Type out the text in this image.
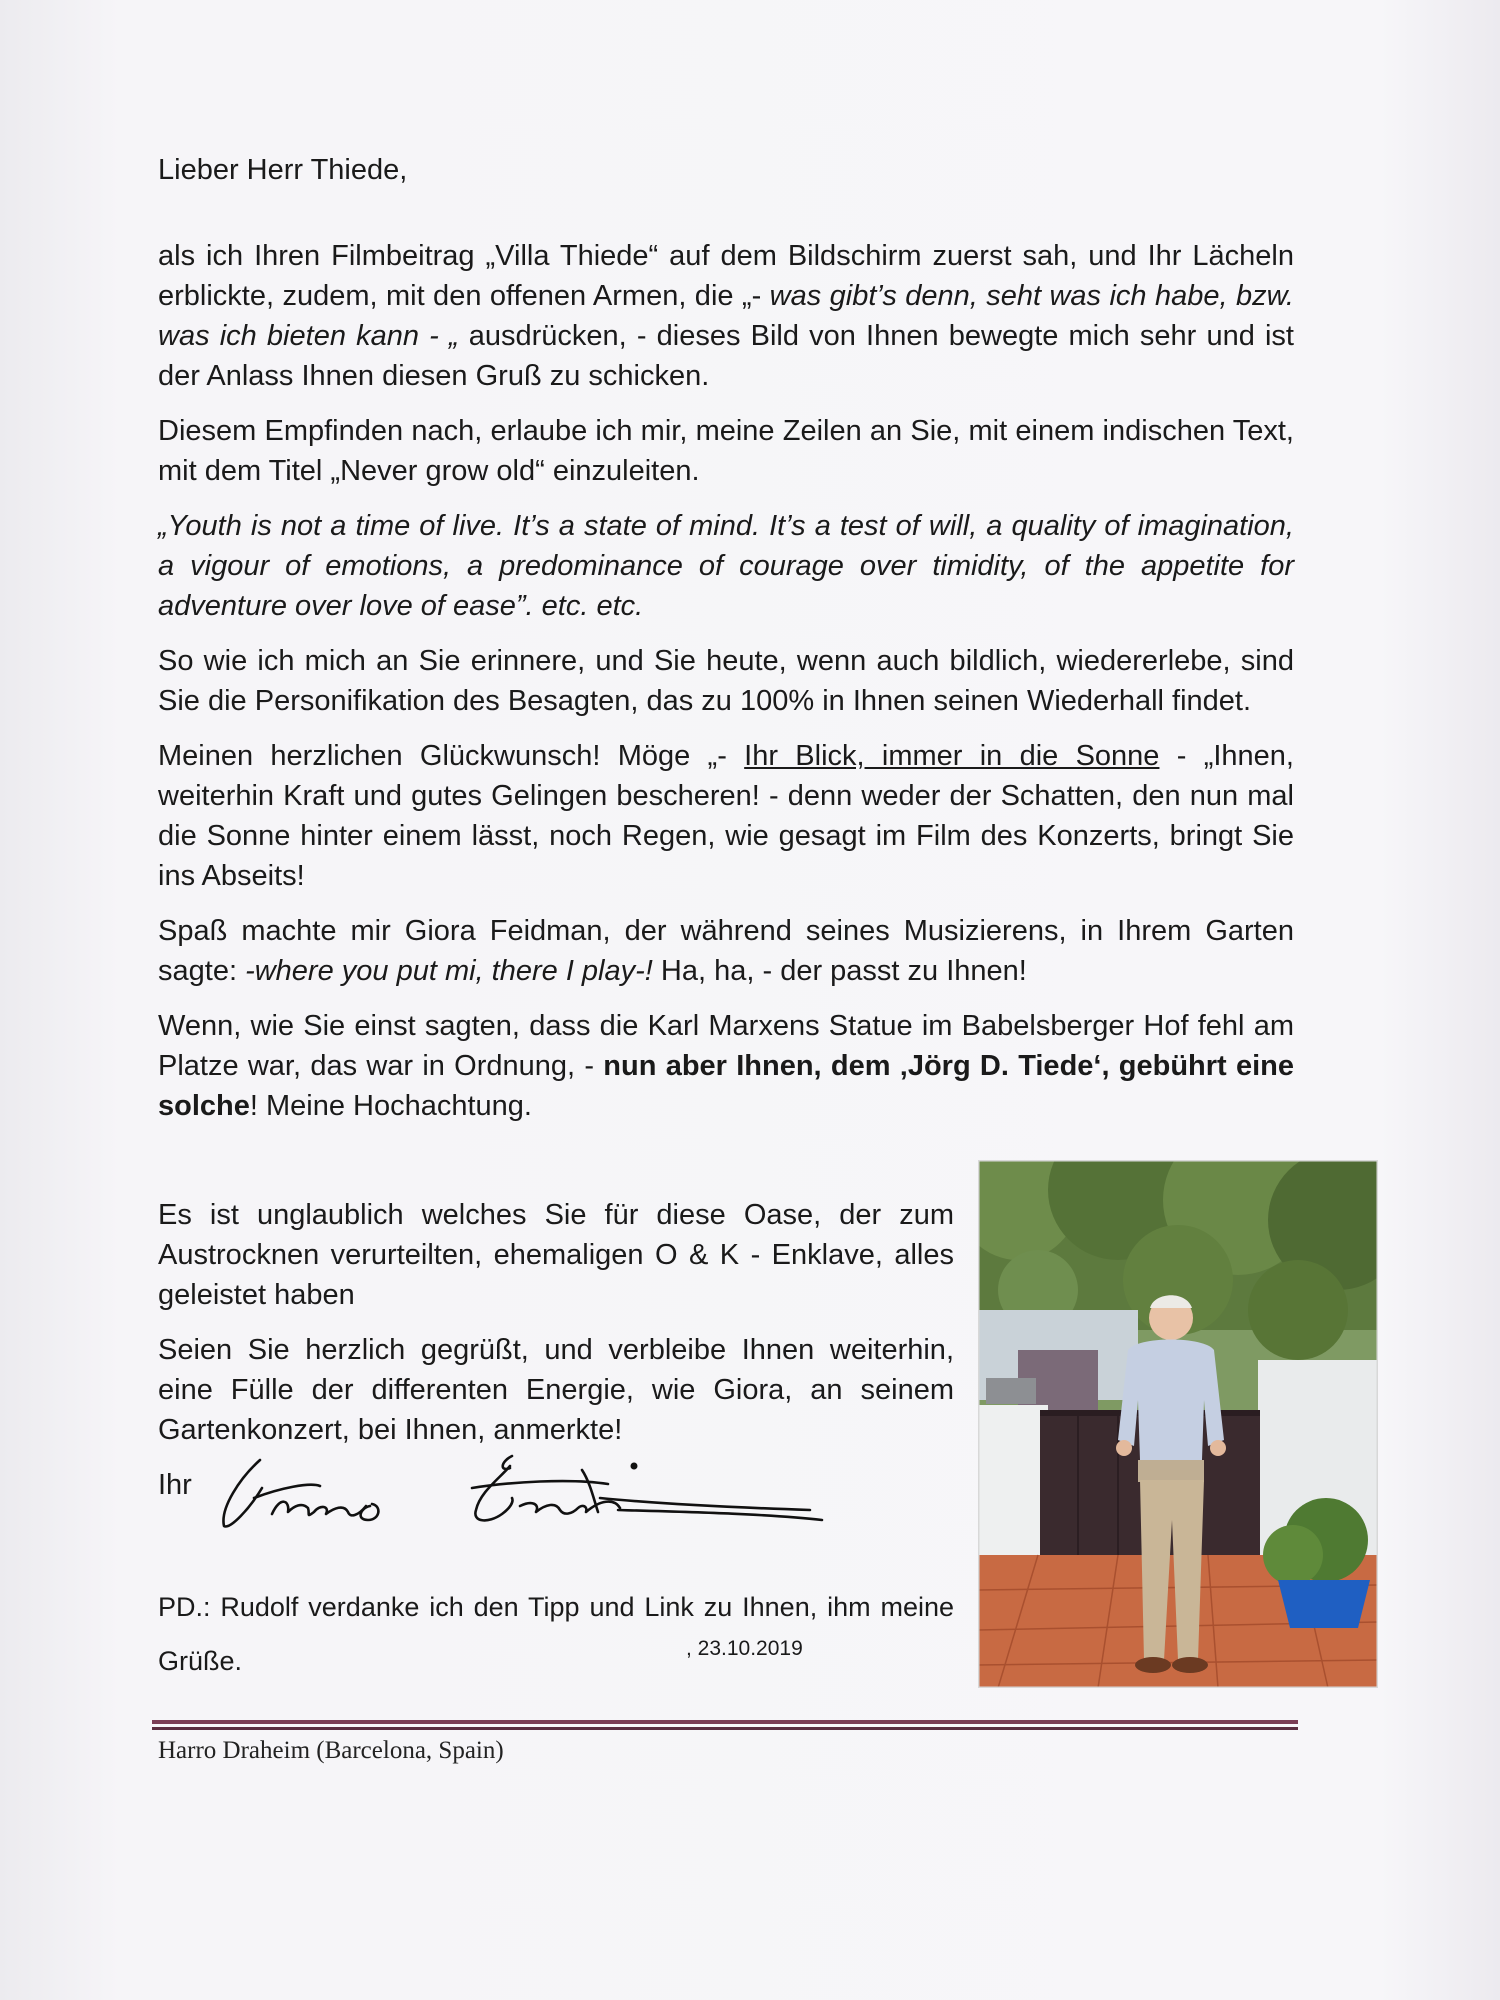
Lieber Herr Thiede,

als ich Ihren Filmbeitrag „Villa Thiede“ auf dem Bildschirm zuerst sah, und Ihr Lächeln erblickte, zudem, mit den offenen Armen, die „- was gibt’s denn, seht was ich habe, bzw. was ich bieten kann - „ ausdrücken, - dieses Bild von Ihnen bewegte mich sehr und ist der Anlass Ihnen diesen Gruß zu schicken.

Diesem Empfinden nach, erlaube ich mir, meine Zeilen an Sie, mit einem indischen Text, mit dem Titel „Never grow old“ einzuleiten.

„Youth is not a time of live. It’s a state of mind. It’s a test of will, a quality of imagination, a vigour of emotions, a predominance of courage over timidity, of the appetite for adventure over love of ease”. etc. etc.

So wie ich mich an Sie erinnere, und Sie heute, wenn auch bildlich, wiedererlebe, sind Sie die Personifikation des Besagten, das zu 100% in Ihnen seinen Wiederhall findet.

Meinen herzlichen Glückwunsch! Möge „- Ihr Blick, immer in die Sonne - „Ihnen, weiterhin Kraft und gutes Gelingen bescheren! - denn weder der Schatten, den nun mal die Sonne hinter einem lässt, noch Regen, wie gesagt im Film des Konzerts, bringt Sie ins Abseits!

Spaß machte mir Giora Feidman, der während seines Musizierens, in Ihrem Garten sagte: -where you put mi, there I play-! Ha, ha, - der passt zu Ihnen!

Wenn, wie Sie einst sagten, dass die Karl Marxens Statue im Babelsberger Hof fehl am Platze war, das war in Ordnung, - nun aber Ihnen, dem ‚Jörg D. Tiede‘, gebührt eine solche! Meine Hochachtung.

Es ist unglaublich welches Sie für diese Oase, der zum Austrocknen verurteilten, ehemaligen O & K - Enklave, alles geleistet haben

Seien Sie herzlich gegrüßt, und verbleibe Ihnen weiterhin, eine Fülle der differenten Energie, wie Giora, an seinem Gartenkonzert, bei Ihnen, anmerkte!

Ihr

PD.: Rudolf verdanke ich den Tipp und Link zu Ihnen, ihm meine Grüße.	, 23.10.2019
Harro Draheim (Barcelona, Spain)
